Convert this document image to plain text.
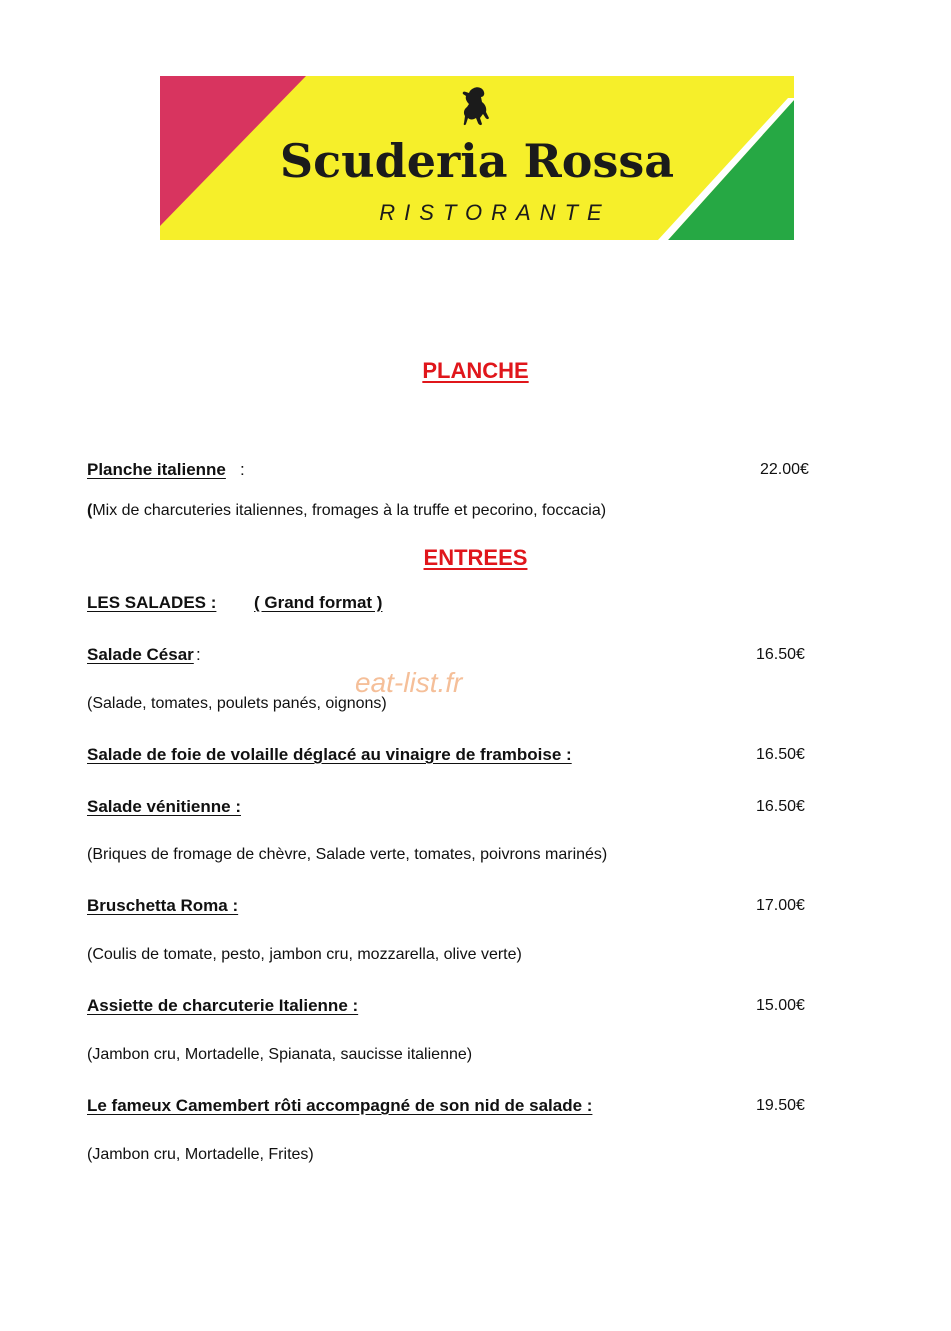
Scuderia Rossa
RISTORANTE
PLANCHE
Planche italienne :	22.00€
(Mix de charcuteries italiennes, fromages à la truffe et pecorino, foccacia)
ENTREES
LES SALADES : ( Grand format )
Salade César :	16.50€
(Salade, tomates, poulets panés, oignons)
Salade de foie de volaille déglacé au vinaigre de framboise :	16.50€
Salade vénitienne :	16.50€
(Briques de fromage de chèvre, Salade verte, tomates, poivrons marinés)
Bruschetta Roma :	17.00€
(Coulis de tomate, pesto, jambon cru, mozzarella, olive verte)
Assiette de charcuterie Italienne :	15.00€
(Jambon cru, Mortadelle, Spianata, saucisse italienne)
Le fameux Camembert rôti accompagné de son nid de salade :	19.50€
(Jambon cru, Mortadelle, Frites)
eat-list.fr
